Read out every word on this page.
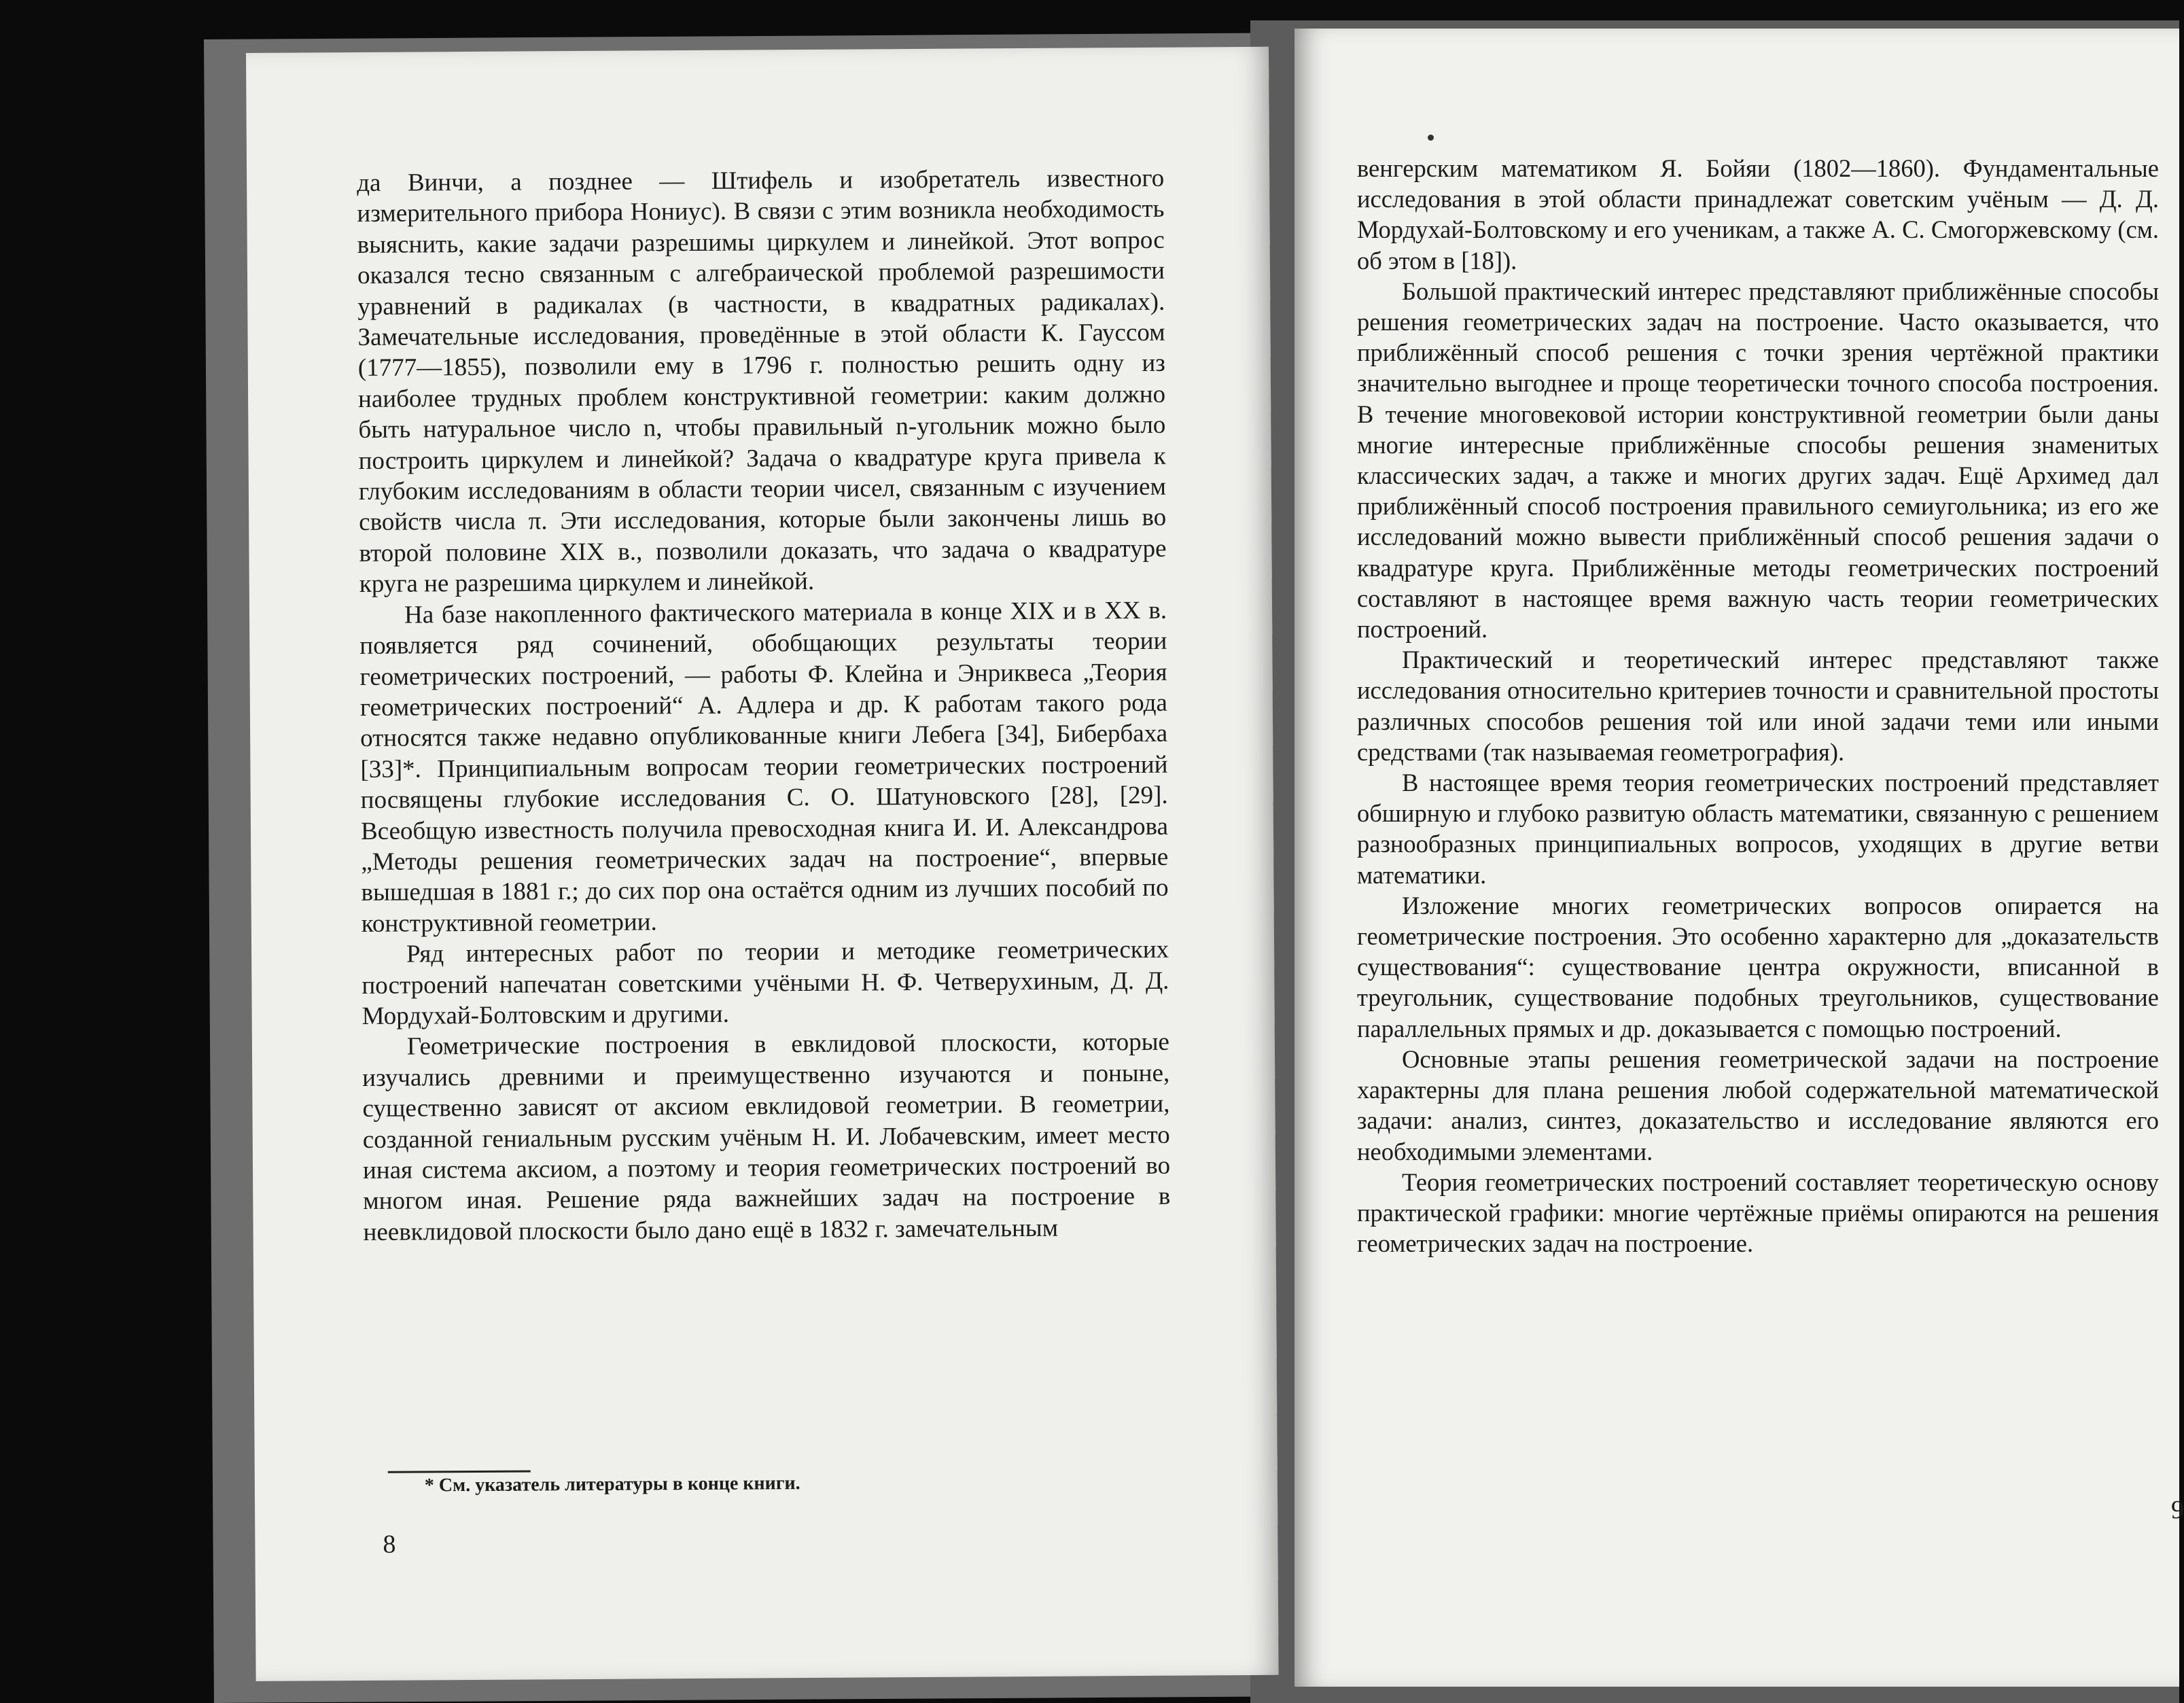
да Винчи, а позднее — Штифель и изобретатель известного измерительного прибора Нониус). В связи с этим возникла необходимость выяснить, какие задачи разрешимы циркулем и линейкой. Этот вопрос оказался тесно связанным с алгебраической проблемой разрешимости уравнений в радикалах (в частности, в квадратных радикалах). Замечательные исследования, проведённые в этой области К. Гауссом (1777—1855), позволили ему в 1796 г. полностью решить одну из наиболее трудных проблем конструктивной геометрии: каким должно быть натуральное число n, чтобы правильный n-угольник можно было построить циркулем и линейкой? Задача о квадратуре круга привела к глубоким исследованиям в области теории чисел, связанным с изучением свойств числа π. Эти исследования, которые были закончены лишь во второй половине XIX в., позволили доказать, что задача о квадратуре круга не разрешима циркулем и линейкой.

На базе накопленного фактического материала в конце XIX и в XX в. появляется ряд сочинений, обобщающих результаты теории геометрических построений, — работы Ф. Клейна и Энриквеса „Теория геометрических построений“ А. Адлера и др. К работам такого рода относятся также недавно опубликованные книги Лебега [34], Бибербаха [33]*. Принципиальным вопросам теории геометрических построений посвящены глубокие исследования С. О. Шатуновского [28], [29]. Всеобщую известность получила превосходная книга И. И. Александрова „Методы решения геометрических задач на построение“, впервые вышедшая в 1881 г.; до сих пор она остаётся одним из лучших пособий по конструктивной геометрии.

Ряд интересных работ по теории и методике геометрических построений напечатан советскими учёными Н. Ф. Четверухиным, Д. Д. Мордухай-Болтовским и другими.

Геометрические построения в евклидовой плоскости, которые изучались древними и преимущественно изучаются и поныне, существенно зависят от аксиом евклидовой геометрии. В геометрии, созданной гениальным русским учёным Н. И. Лобачевским, имеет место иная система аксиом, а поэтому и теория геометрических построений во многом иная. Решение ряда важнейших задач на построение в неевклидовой плоскости было дано ещё в 1832 г. замечательным

* См. указатель литературы в конце книги.
8

венгерским математиком Я. Бойяи (1802—1860). Фундаментальные исследования в этой области принадлежат советским учёным — Д. Д. Мордухай-Болтовскому и его ученикам, а также А. С. Смогоржевскому (см. об этом в [18]).

Большой практический интерес представляют приближённые способы решения геометрических задач на построение. Часто оказывается, что приближённый способ решения с точки зрения чертёжной практики значительно выгоднее и проще теоретически точного способа построения. В течение многовековой истории конструктивной геометрии были даны многие интересные приближённые способы решения знаменитых классических задач, а также и многих других задач. Ещё Архимед дал приближённый способ построения правильного семиугольника; из его же исследований можно вывести приближённый способ решения задачи о квадратуре круга. Приближённые методы геометрических построений составляют в настоящее время важную часть теории геометрических построений.

Практический и теоретический интерес представляют также исследования относительно критериев точности и сравнительной простоты различных способов решения той или иной задачи теми или иными средствами (так называемая геометрография).

В настоящее время теория геометрических построений представляет обширную и глубоко развитую область математики, связанную с решением разнообразных принципиальных вопросов, уходящих в другие ветви математики.

Изложение многих геометрических вопросов опирается на геометрические построения. Это особенно характерно для „доказательств существования“: существование центра окружности, вписанной в треугольник, существование подобных треугольников, существование параллельных прямых и др. доказывается с помощью построений.

Основные этапы решения геометрической задачи на построение характерны для плана решения любой содержательной математической задачи: анализ, синтез, доказательство и исследование являются его необходимыми элементами.

Теория геометрических построений составляет теоретическую основу практической графики: многие чертёжные приёмы опираются на решения геометрических задач на построение.

9
